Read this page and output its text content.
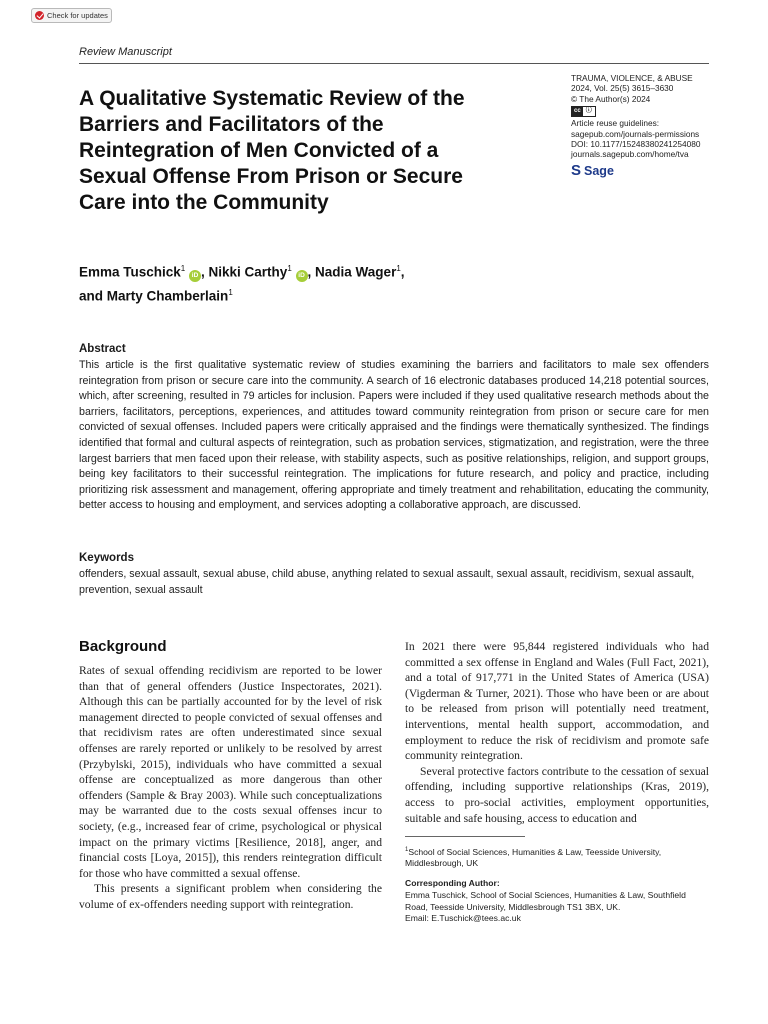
Check for updates
Review Manuscript
A Qualitative Systematic Review of the Barriers and Facilitators of the Reintegration of Men Convicted of a Sexual Offense From Prison or Secure Care into the Community
TRAUMA, VIOLENCE, & ABUSE
2024, Vol. 25(5) 3615–3630
© The Author(s) 2024
cc ⓘ
Article reuse guidelines:
sagepub.com/journals-permissions
DOI: 10.1177/15248380241254080
journals.sagepub.com/home/tva
S Sage
Emma Tuschick$^1$ iD , Nikki Carthy$^1$ iD , Nadia Wager$^1$,
and Marty Chamberlain$^1$
Abstract

This article is the first qualitative systematic review of studies examining the barriers and facilitators to male sex offenders reintegration from prison or secure care into the community. A search of 16 electronic databases produced 14,218 potential sources, which, after screening, resulted in 79 articles for inclusion. Papers were included if they used qualitative research methods about the barriers, facilitators, perceptions, experiences, and attitudes toward community reintegration from prison or secure care for men convicted of sexual offenses. Included papers were critically appraised and the findings were thematically synthesized. The findings identified that formal and cultural aspects of reintegration, such as probation services, stigmatization, and registration, were the three largest barriers that men faced upon their release, with stability aspects, such as positive relationships, religion, and support groups, being key facilitators to their successful reintegration. The implications for future research, and policy and practice, including prioritizing risk assessment and management, offering appropriate and timely treatment and rehabilitation, educating the community, better access to housing and employment, and services adopting a collaborative approach, are discussed.

Keywords

offenders, sexual assault, sexual abuse, child abuse, anything related to sexual assault, sexual assault, recidivism, sexual assault, prevention, sexual assault

Background

Rates of sexual offending recidivism are reported to be lower than that of general offenders (Justice Inspectorates, 2021). Although this can be partially accounted for by the level of risk management directed to people convicted of sexual offenses and that recidivism rates are often underestimated since sexual offenses are rarely reported or unlikely to be resolved by arrest (Przybylski, 2015), individuals who have committed a sexual offense are conceptualized as more dangerous than other offenders (Sample & Bray 2003). While such conceptualizations may be warranted due to the costs sexual offenses incur to society, (e.g., increased fear of crime, psychological or physical impact on the primary victims [Resilience, 2018], anger, and financial costs [Loya, 2015]), this renders reintegration difficult for those who have committed a sexual offense.

This presents a significant problem when considering the volume of ex-offenders needing support with reintegration.

In 2021 there were 95,844 registered individuals who had committed a sex offense in England and Wales (Full Fact, 2021), and a total of 917,771 in the United States of America (USA) (Vigderman & Turner, 2021). Those who have been or are about to be released from prison will potentially need treatment, interventions, mental health support, accommodation, and employment to reduce the risk of recidivism and promote safe community reintegration.

Several protective factors contribute to the cessation of sexual offending, including supportive relationships (Kras, 2019), access to pro-social activities, employment opportunities, suitable and safe housing, access to education and

$^1$School of Social Sciences, Humanities & Law, Teesside University, Middlesbrough, UK
Corresponding Author:
Emma Tuschick, School of Social Sciences, Humanities & Law, Southfield Road, Teesside University, Middlesbrough TS1 3BX, UK.
Email: E.Tuschick@tees.ac.uk
